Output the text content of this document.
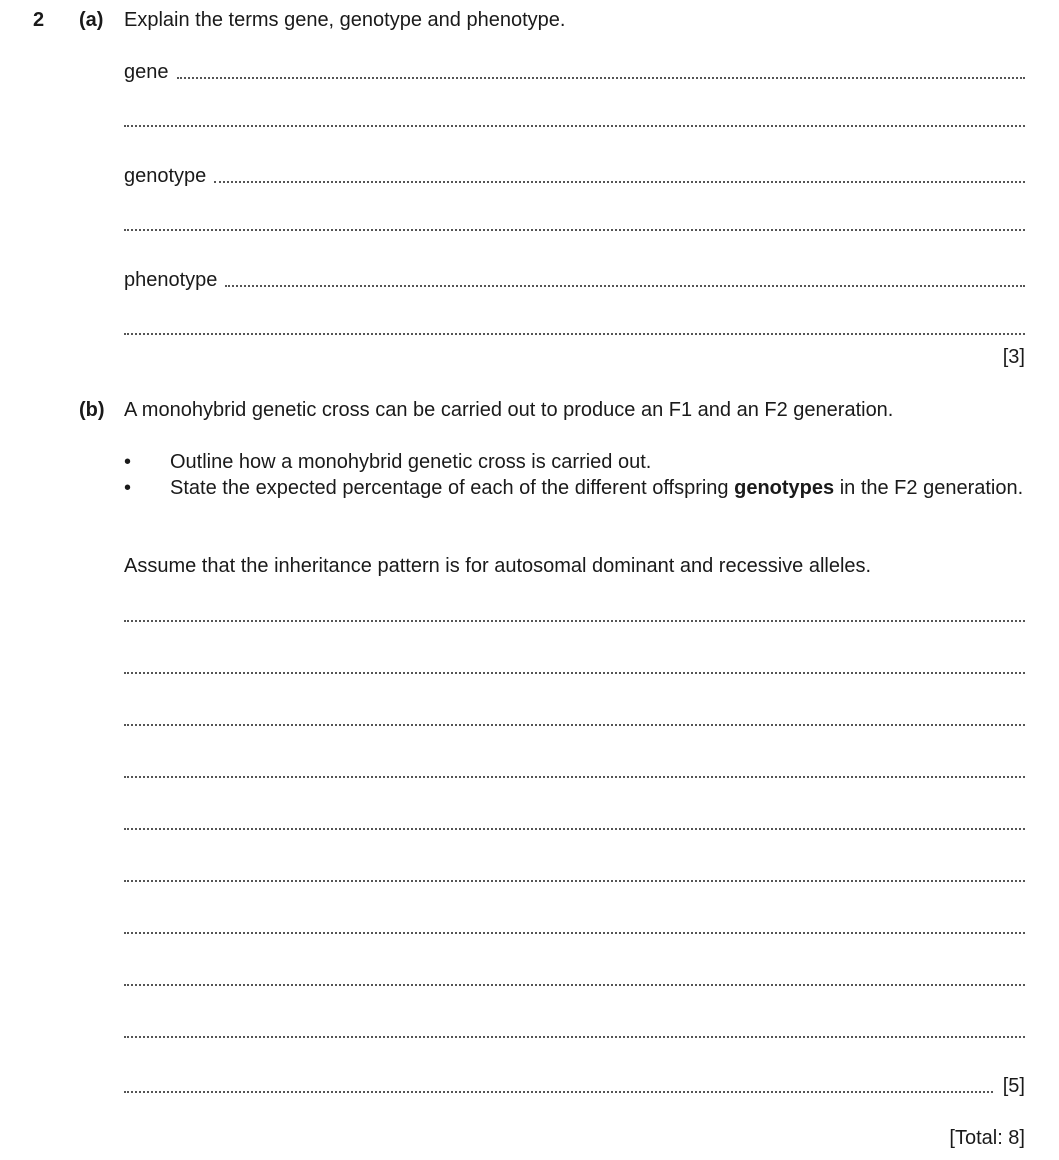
2 (a) Explain the terms gene, genotype and phenotype.
gene
genotype
phenotype
[3]
(b) A monohybrid genetic cross can be carried out to produce an F1 and an F2 generation.
• Outline how a monohybrid genetic cross is carried out.
• State the expected percentage of each of the different offspring genotypes in the F2 generation.
Assume that the inheritance pattern is for autosomal dominant and recessive alleles.
[5]
[Total: 8]
